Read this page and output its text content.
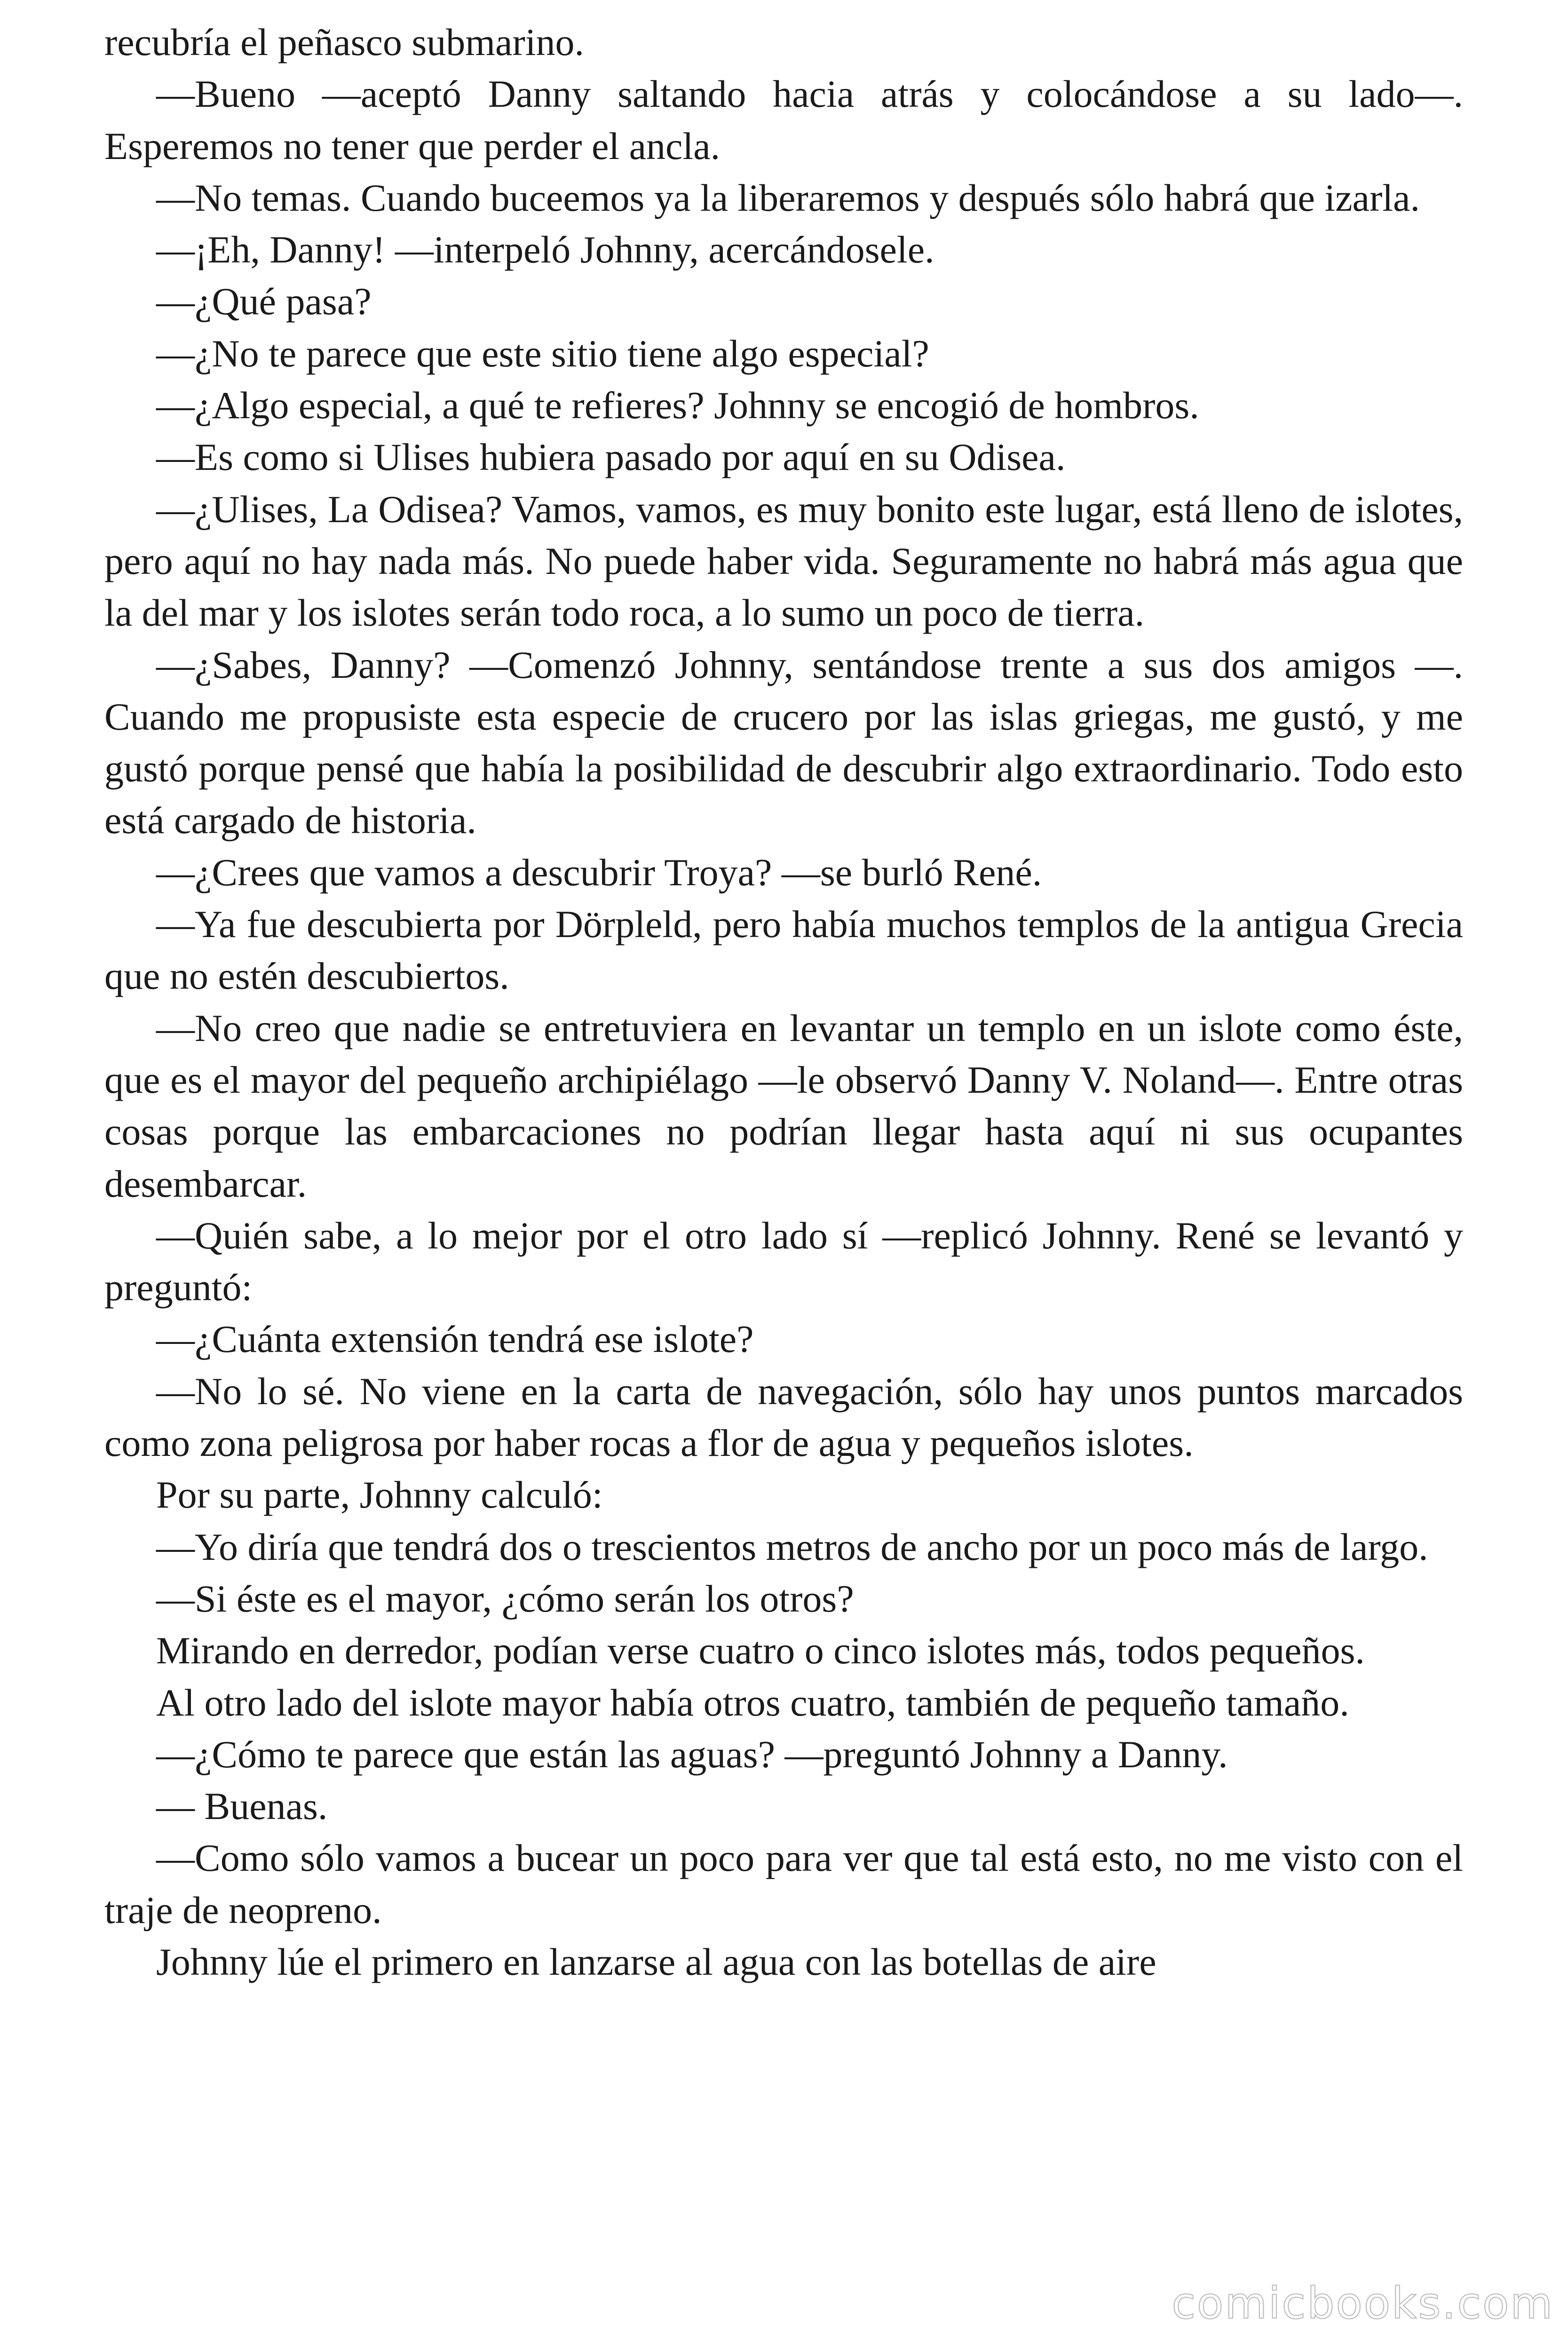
recubría el peñasco submarino.

—Bueno —aceptó Danny saltando hacia atrás y colocándose a su lado—. Esperemos no tener que perder el ancla.

—No temas. Cuando buceemos ya la liberaremos y después sólo habrá que izarla.

—¡Eh, Danny! —interpeló Johnny, acercándosele.

—¿Qué pasa?

—¿No te parece que este sitio tiene algo especial?

—¿Algo especial, a qué te refieres? Johnny se encogió de hombros.

—Es como si Ulises hubiera pasado por aquí en su Odisea.

—¿Ulises, La Odisea? Vamos, vamos, es muy bonito este lugar, está lleno de islotes, pero aquí no hay nada más. No puede haber vida. Seguramente no habrá más agua que la del mar y los islotes serán todo roca, a lo sumo un poco de tierra.

—¿Sabes, Danny? —Comenzó Johnny, sentándose trente a sus dos amigos —. Cuando me propusiste esta especie de crucero por las islas griegas, me gustó, y me gustó porque pensé que había la posibilidad de descubrir algo extraordinario. Todo esto está cargado de historia.

—¿Crees que vamos a descubrir Troya? —se burló René.

—Ya fue descubierta por Dörpleld, pero había muchos templos de la antigua Grecia que no estén descubiertos.

—No creo que nadie se entretuviera en levantar un templo en un islote como éste, que es el mayor del pequeño archipiélago —le observó Danny V. Noland—. Entre otras cosas porque las embarcaciones no podrían llegar hasta aquí ni sus ocupantes desembarcar.

—Quién sabe, a lo mejor por el otro lado sí —replicó Johnny. René se levantó y preguntó:

—¿Cuánta extensión tendrá ese islote?

—No lo sé. No viene en la carta de navegación, sólo hay unos puntos marcados como zona peligrosa por haber rocas a flor de agua y pequeños islotes.

Por su parte, Johnny calculó:

—Yo diría que tendrá dos o trescientos metros de ancho por un poco más de largo.

—Si éste es el mayor, ¿cómo serán los otros?

Mirando en derredor, podían verse cuatro o cinco islotes más, todos pequeños.

Al otro lado del islote mayor había otros cuatro, también de pequeño tamaño.

—¿Cómo te parece que están las aguas? —preguntó Johnny a Danny.

— Buenas.

—Como sólo vamos a bucear un poco para ver que tal está esto, no me visto con el traje de neopreno.

Johnny lúe el primero en lanzarse al agua con las botellas de aire

comicbooks.com
